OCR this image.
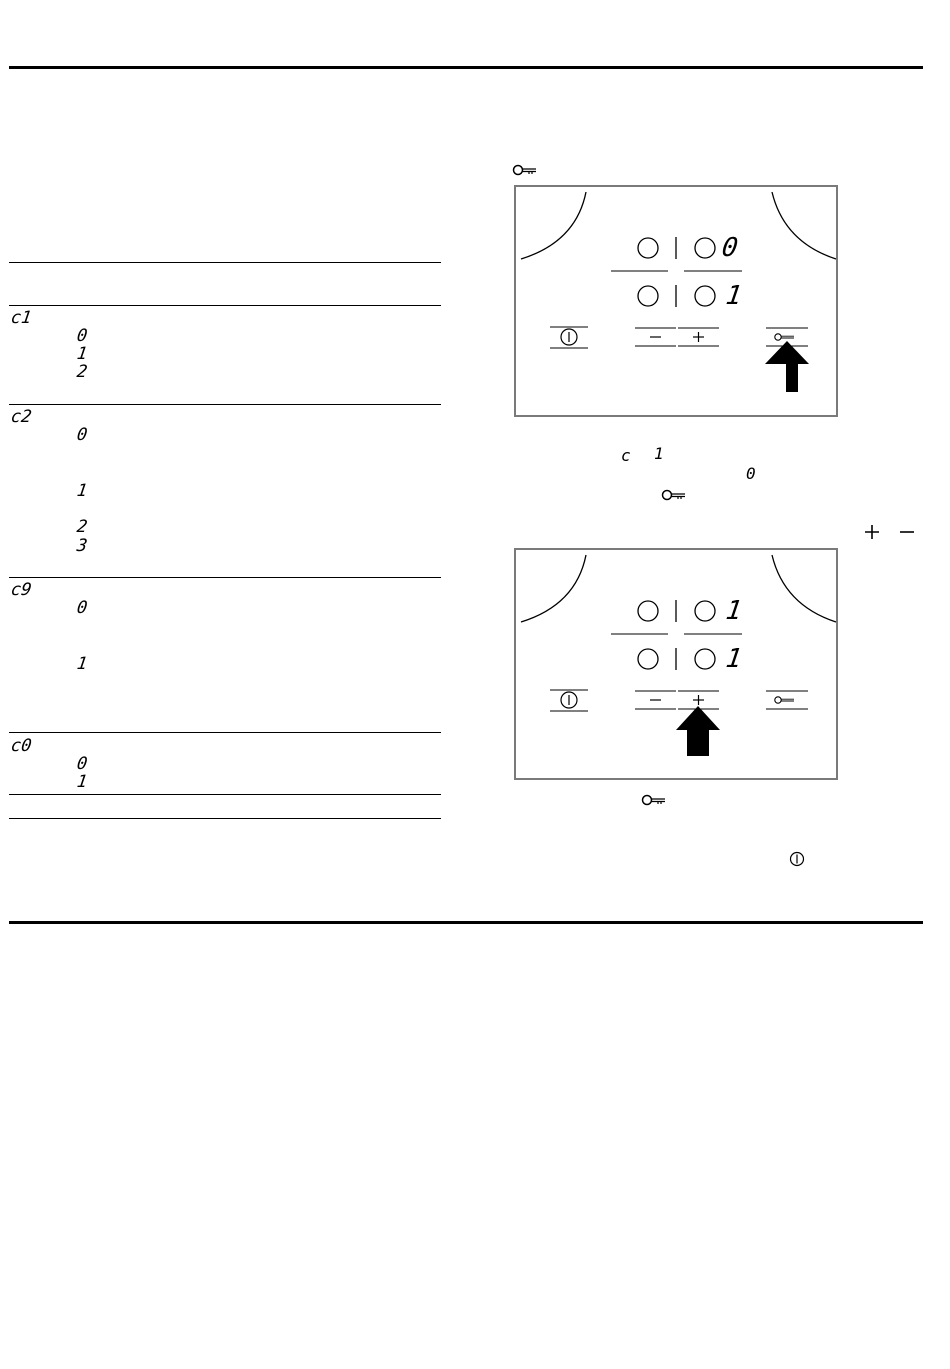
c1
0
1
2
c2
0
1
2
3
c9
0
1
c0
0
1
0
1
c 1
0
1
1
